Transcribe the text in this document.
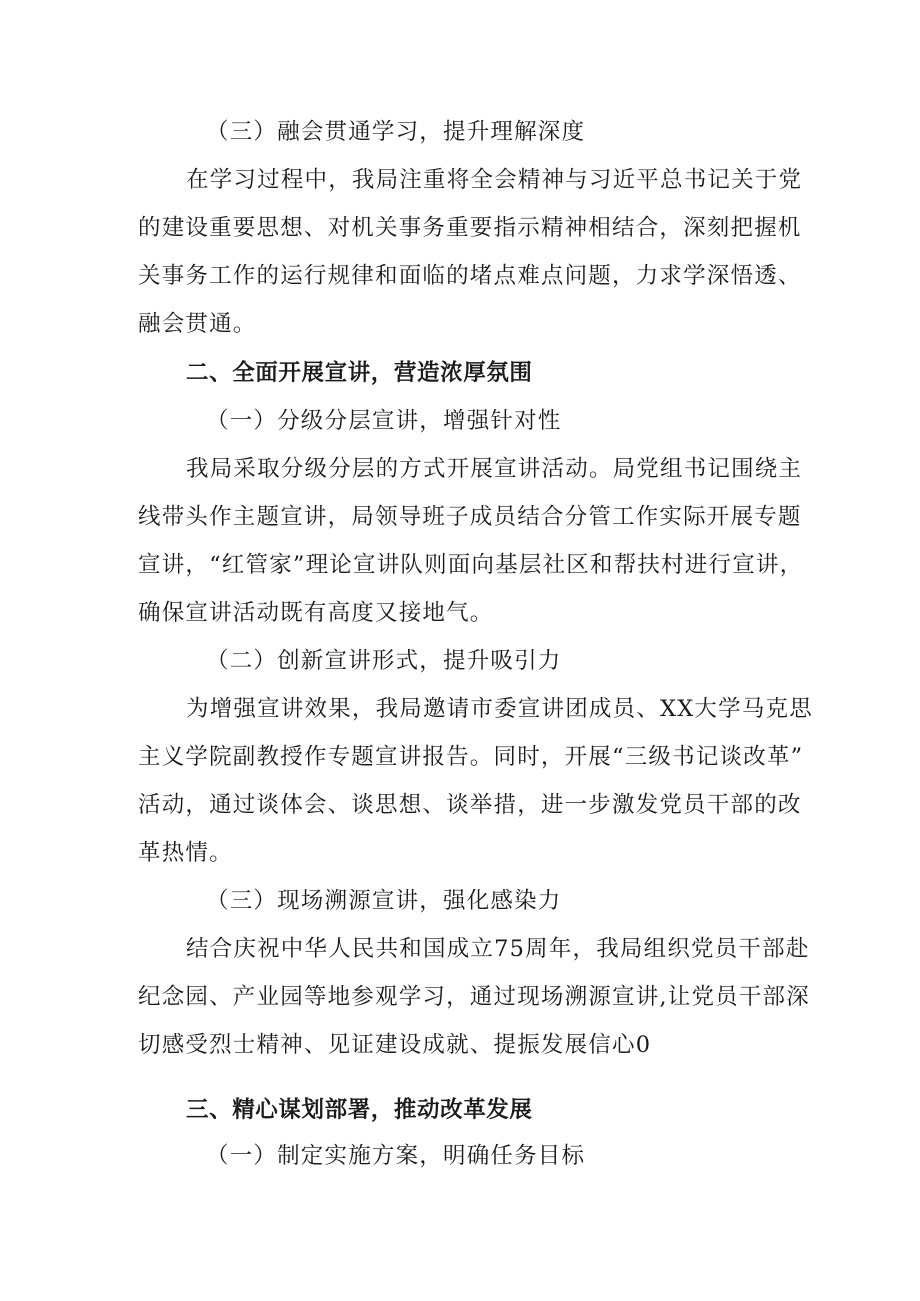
（三）融会贯通学习，提升理解深度
在学习过程中，我局注重将全会精神与习近平总书记关于党
的建设重要思想、对机关事务重要指示精神相结合，深刻把握机
关事务工作的运行规律和面临的堵点难点问题，力求学深悟透、
融会贯通。
二、全面开展宣讲，营造浓厚氛围
（一）分级分层宣讲，增强针对性
我局采取分级分层的方式开展宣讲活动。局党组书记围绕主
线带头作主题宣讲，局领导班子成员结合分管工作实际开展专题
宣讲，“红管家”理论宣讲队则面向基层社区和帮扶村进行宣讲，
确保宣讲活动既有高度又接地气。
（二）创新宣讲形式，提升吸引力
为增强宣讲效果，我局邀请市委宣讲团成员、XX大学马克思
主义学院副教授作专题宣讲报告。同时，开展“三级书记谈改革”
活动，通过谈体会、谈思想、谈举措，进一步激发党员干部的改
革热情。
（三）现场溯源宣讲，强化感染力
结合庆祝中华人民共和国成立75周年，我局组织党员干部赴
纪念园、产业园等地参观学习，通过现场溯源宣讲,让党员干部深
切感受烈士精神、见证建设成就、提振发展信心0
三、精心谋划部署，推动改革发展
（一）制定实施方案，明确任务目标
